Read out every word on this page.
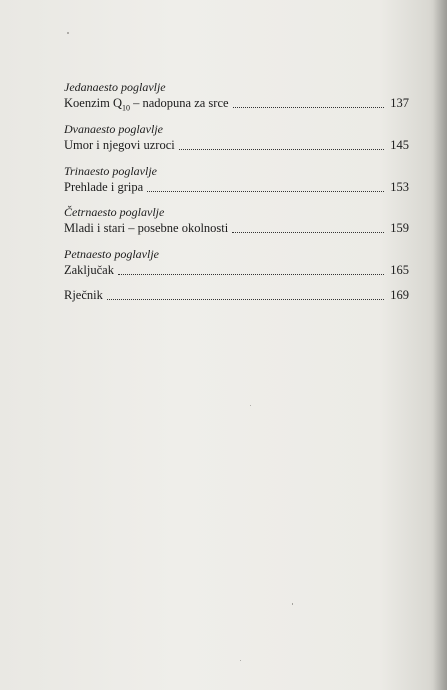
Jedanaesto poglavlje
Koenzim $Q_{10}$ – nadopuna za srce	137
Dvanaesto poglavlje
Umor i njegovi uzroci	145
Trinaesto poglavlje
Prehlade i gripa	153
Četrnaesto poglavlje
Mladi i stari – posebne okolnosti	159
Petnaesto poglavlje
Zaključak	165
Rječnik	169
